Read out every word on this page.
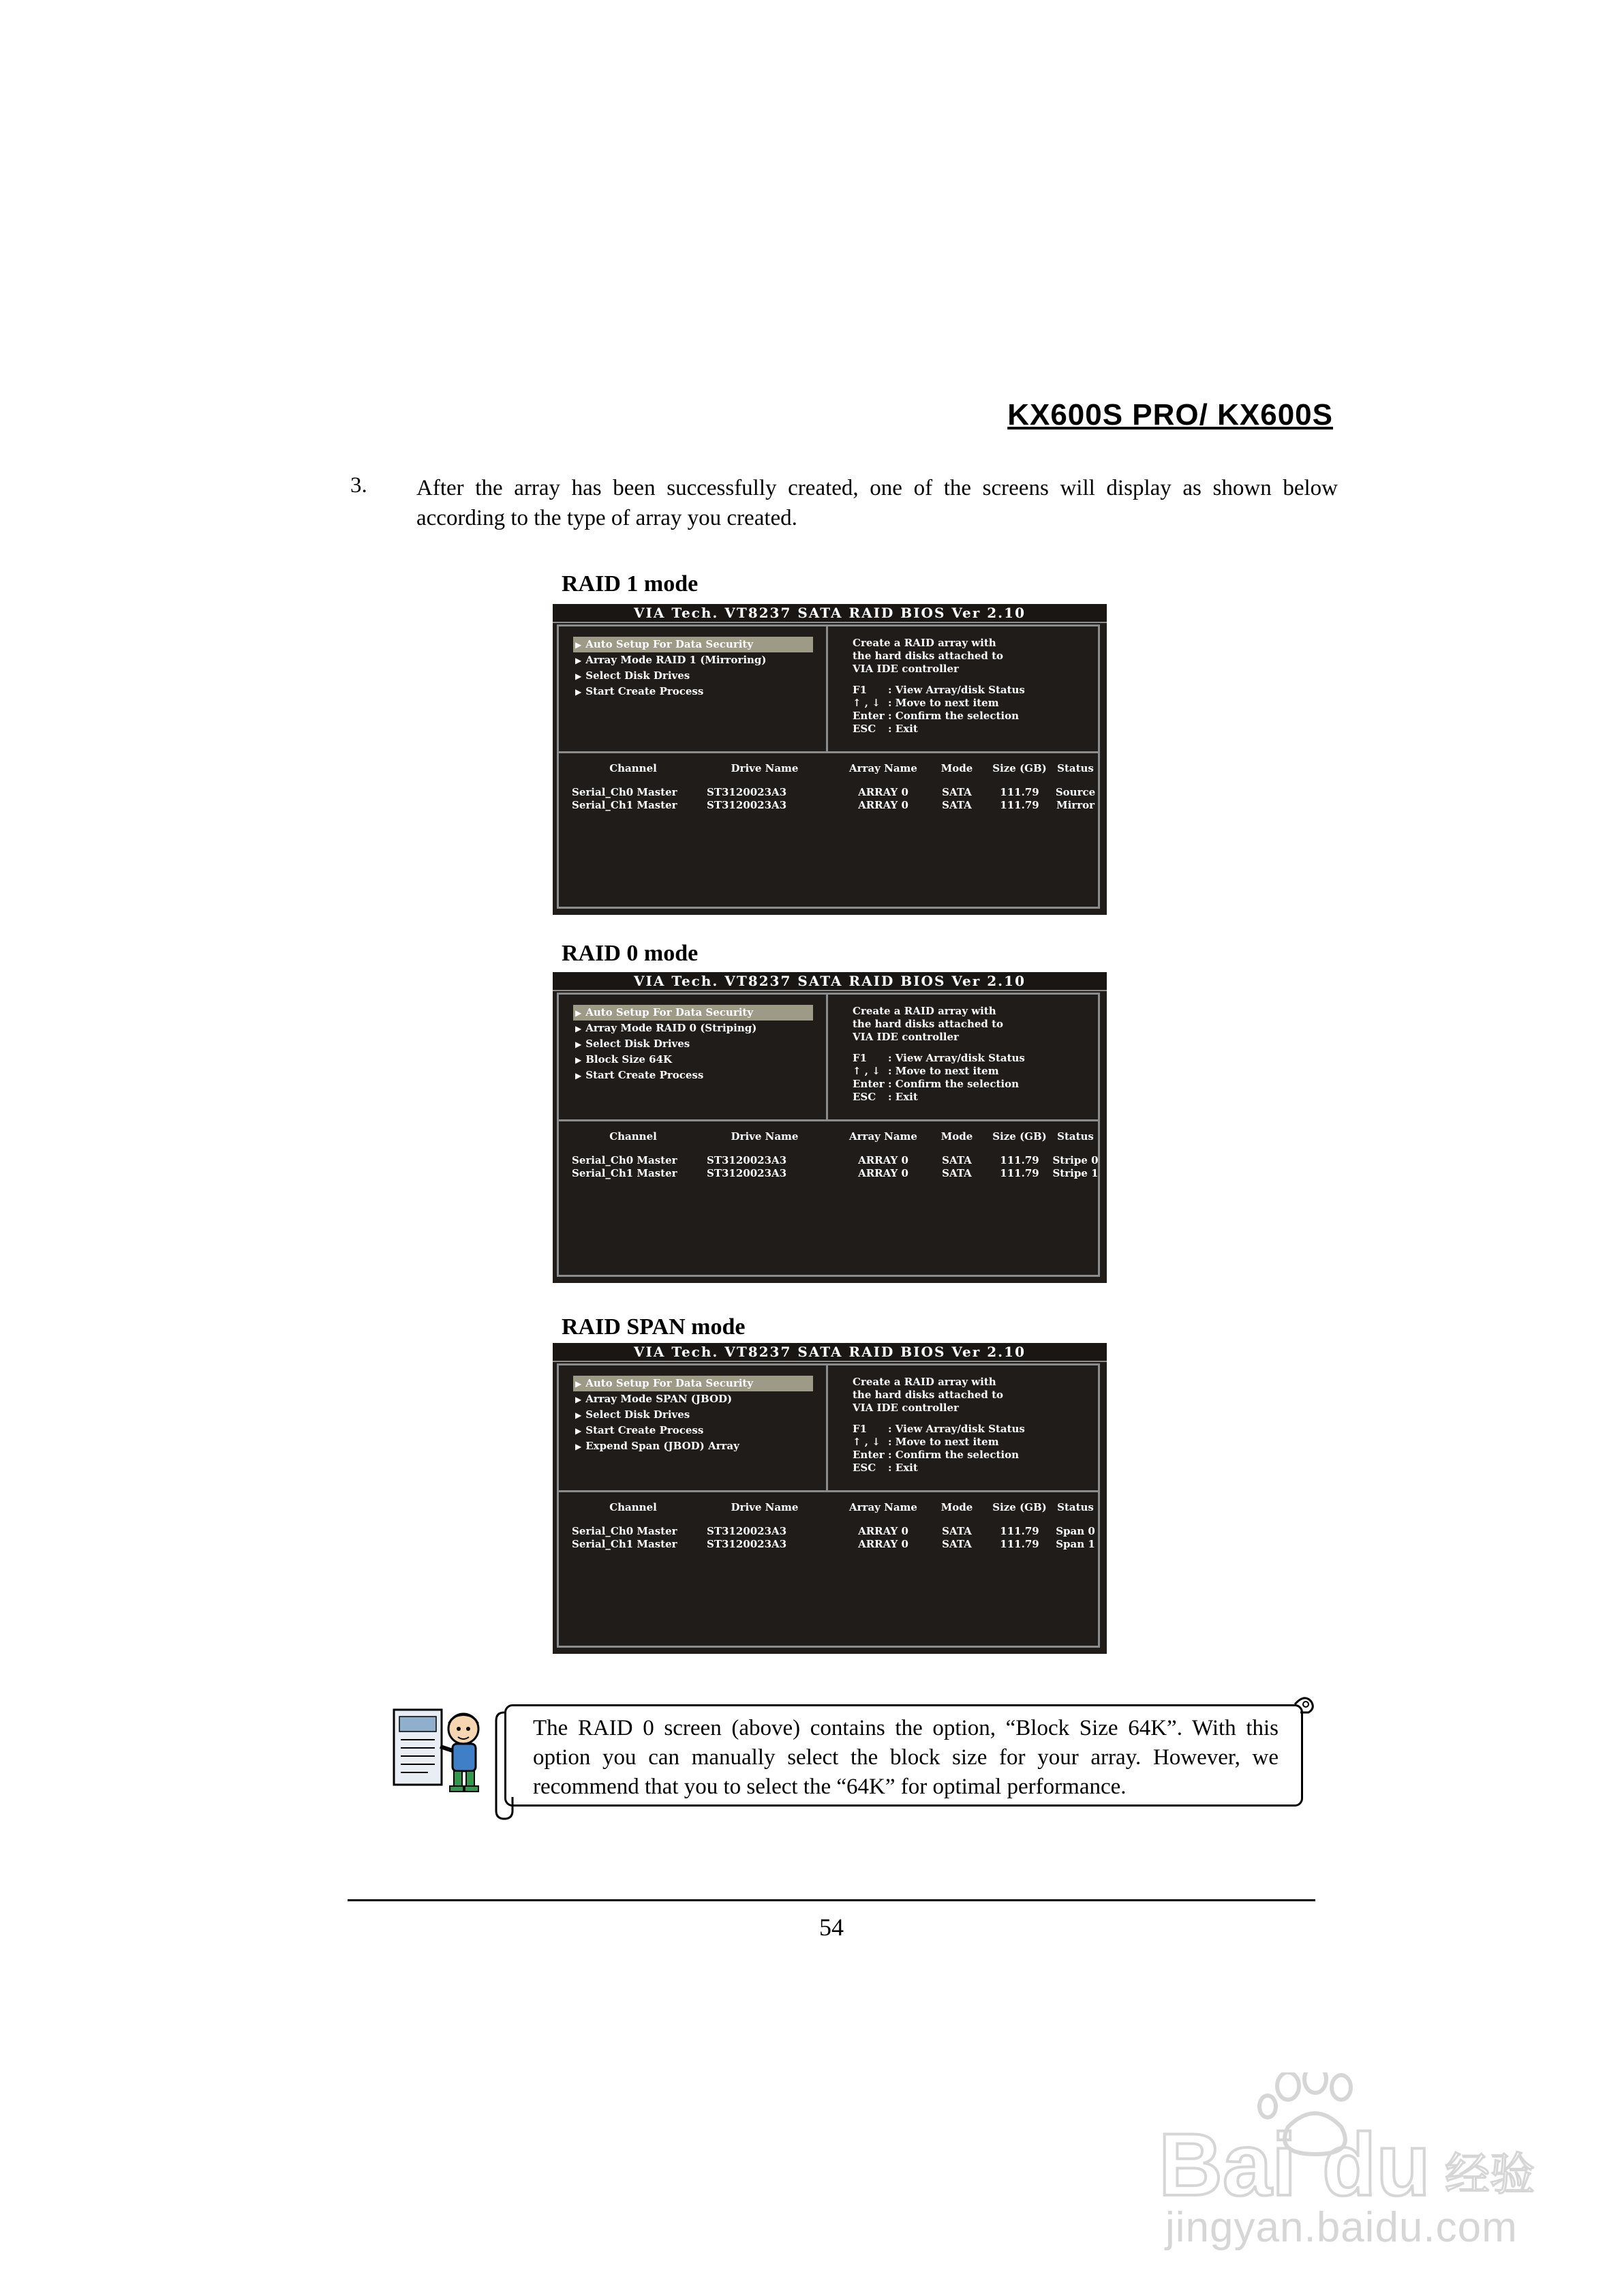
KX600S PRO/ KX600S
3. After the array has been successfully created, one of the screens will display as shown below according to the type of array you created.
RAID 1 mode
VIA Tech. VT8237 SATA RAID BIOS Ver 2.10
▶ Auto Setup For Data Security
▶ Array Mode RAID 1 (Mirroring)
▶ Select Disk Drives
▶ Start Create Process
Create a RAID array with
the hard disks attached to
VIA IDE controller
F1 : View Array/disk Status
↑ , ↓ : Move to next item
Enter : Confirm the selection
ESC : Exit
Channel	Drive Name	Array Name	Mode	Size (GB)	Status
Serial_Ch0 Master	ST3120023A3	ARRAY 0	SATA	111.79	Source
Serial_Ch1 Master	ST3120023A3	ARRAY 0	SATA	111.79	Mirror
RAID 0 mode
VIA Tech. VT8237 SATA RAID BIOS Ver 2.10
▶ Auto Setup For Data Security
▶ Array Mode RAID 0 (Striping)
▶ Select Disk Drives
▶ Block Size 64K
▶ Start Create Process
Create a RAID array with
the hard disks attached to
VIA IDE controller
F1 : View Array/disk Status
↑ , ↓ : Move to next item
Enter : Confirm the selection
ESC : Exit
Channel	Drive Name	Array Name	Mode	Size (GB)	Status
Serial_Ch0 Master	ST3120023A3	ARRAY 0	SATA	111.79	Stripe 0
Serial_Ch1 Master	ST3120023A3	ARRAY 0	SATA	111.79	Stripe 1
RAID SPAN mode
VIA Tech. VT8237 SATA RAID BIOS Ver 2.10
▶ Auto Setup For Data Security
▶ Array Mode SPAN (JBOD)
▶ Select Disk Drives
▶ Start Create Process
▶ Expend Span (JBOD) Array
Create a RAID array with
the hard disks attached to
VIA IDE controller
F1 : View Array/disk Status
↑ , ↓ : Move to next item
Enter : Confirm the selection
ESC : Exit
Channel	Drive Name	Array Name	Mode	Size (GB)	Status
Serial_Ch0 Master	ST3120023A3	ARRAY 0	SATA	111.79	Span 0
Serial_Ch1 Master	ST3120023A3	ARRAY 0	SATA	111.79	Span 1
The RAID 0 screen (above) contains the option, “Block Size 64K”. With this option you can manually select the block size for your array. However, we recommend that you to select the “64K” for optimal performance.
54
Bai du 经验
jingyan.baidu.com
